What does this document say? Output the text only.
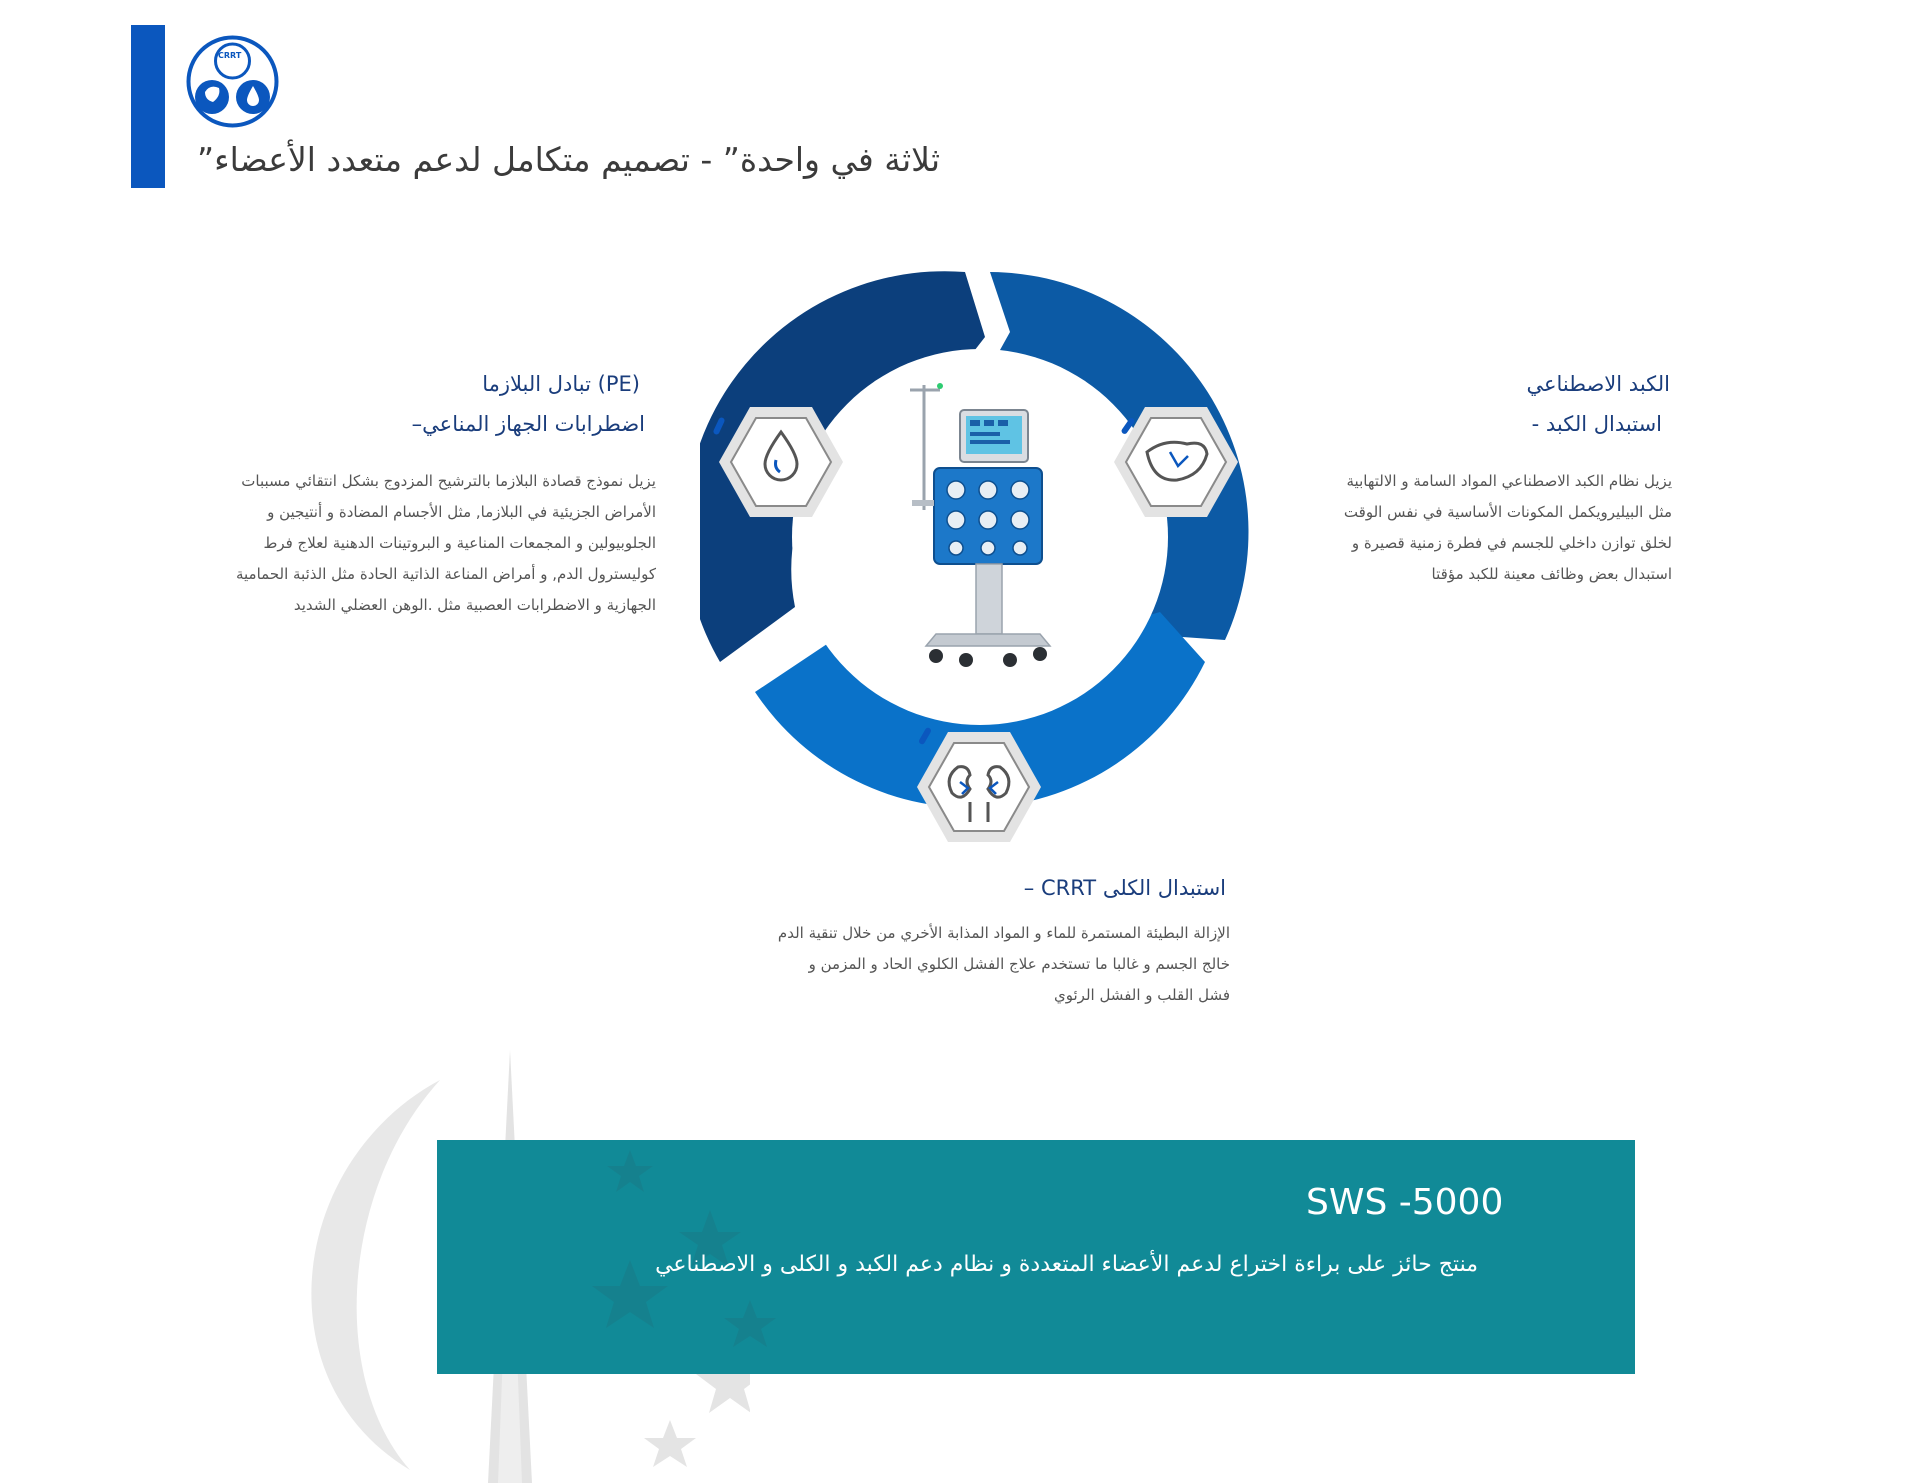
CRRT
ثلاثة في واحدة” - تصميم متكامل لدعم متعدد الأعضاء”
(PE) تبادل البلازما
اضطرابات الجهاز المناعي–
يزيل نموذج قصادة البلازما بالترشيح المزدوج بشكل انتقائي مسببات الأمراض الجزيئية في البلازما, مثل الأجسام المضادة و أنتيجين و الجلوبيولين و المجمعات المناعية و البروتينات الدهنية لعلاج فرط كوليسترول الدم, و أمراض المناعة الذاتية الحادة مثل الذئبة الحمامية الجهازية و الاضطرابات العصبية مثل .الوهن العضلي الشديد
الكبد الاصطناعي
استبدال الكبد -
يزيل نظام الكبد الاصطناعي المواد السامة و الالتهابية مثل البيليرويكمل المكونات الأساسية في نفس الوقت لخلق توازن داخلي للجسم في فطرة زمنية قصيرة و استبدال بعض وظائف معينة للكبد مؤقتا
استبدال الكلى CRRT –
الإزالة البطيئة المستمرة للماء و المواد المذابة الأخري من خلال تنقية الدم خالج الجسم و غالبا ما تستخدم علاج الفشل الكلوي الحاد و المزمن و فشل القلب و الفشل الرئوي
SWS -5000
منتج حائز على براءة اختراع لدعم الأعضاء المتعددة و نظام دعم الكبد و الكلى و الاصطناعي
